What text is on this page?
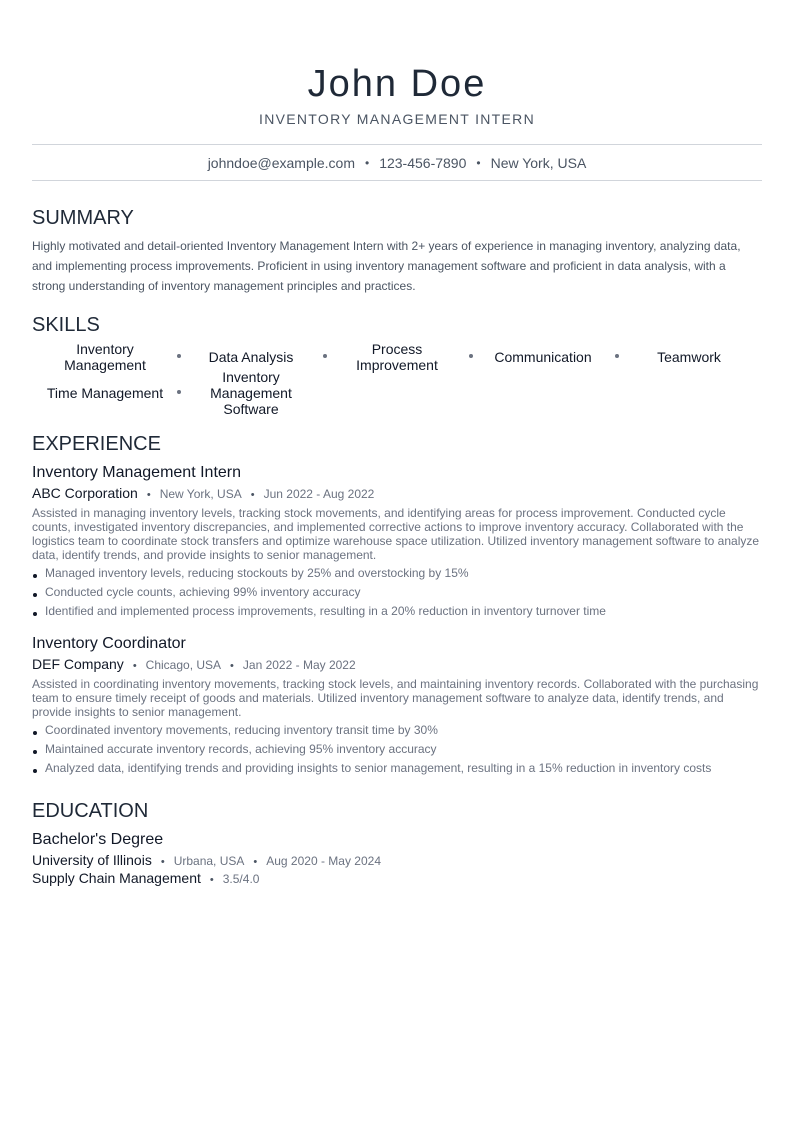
John Doe
INVENTORY MANAGEMENT INTERN
johndoe@example.com • 123-456-7890 • New York, USA
SUMMARY
Highly motivated and detail-oriented Inventory Management Intern with 2+ years of experience in managing inventory, analyzing data, and implementing process improvements. Proficient in using inventory management software and proficient in data analysis, with a strong understanding of inventory management principles and practices.
SKILLS
Inventory Management	Data Analysis	Process Improvement	Communication	Teamwork
Time Management
Inventory Management Software
EXPERIENCE
Inventory Management Intern
ABC Corporation • New York, USA • Jun 2022 - Aug 2022
Assisted in managing inventory levels, tracking stock movements, and identifying areas for process improvement. Conducted cycle counts, investigated inventory discrepancies, and implemented corrective actions to improve inventory accuracy. Collaborated with the logistics team to coordinate stock transfers and optimize warehouse space utilization. Utilized inventory management software to analyze data, identify trends, and provide insights to senior management.
Managed inventory levels, reducing stockouts by 25% and overstocking by 15%
Conducted cycle counts, achieving 99% inventory accuracy
Identified and implemented process improvements, resulting in a 20% reduction in inventory turnover time
Inventory Coordinator
DEF Company • Chicago, USA • Jan 2022 - May 2022
Assisted in coordinating inventory movements, tracking stock levels, and maintaining inventory records. Collaborated with the purchasing team to ensure timely receipt of goods and materials. Utilized inventory management software to analyze data, identify trends, and provide insights to senior management.
Coordinated inventory movements, reducing inventory transit time by 30%
Maintained accurate inventory records, achieving 95% inventory accuracy
Analyzed data, identifying trends and providing insights to senior management, resulting in a 15% reduction in inventory costs
EDUCATION
Bachelor's Degree
University of Illinois • Urbana, USA • Aug 2020 - May 2024
Supply Chain Management • 3.5/4.0
